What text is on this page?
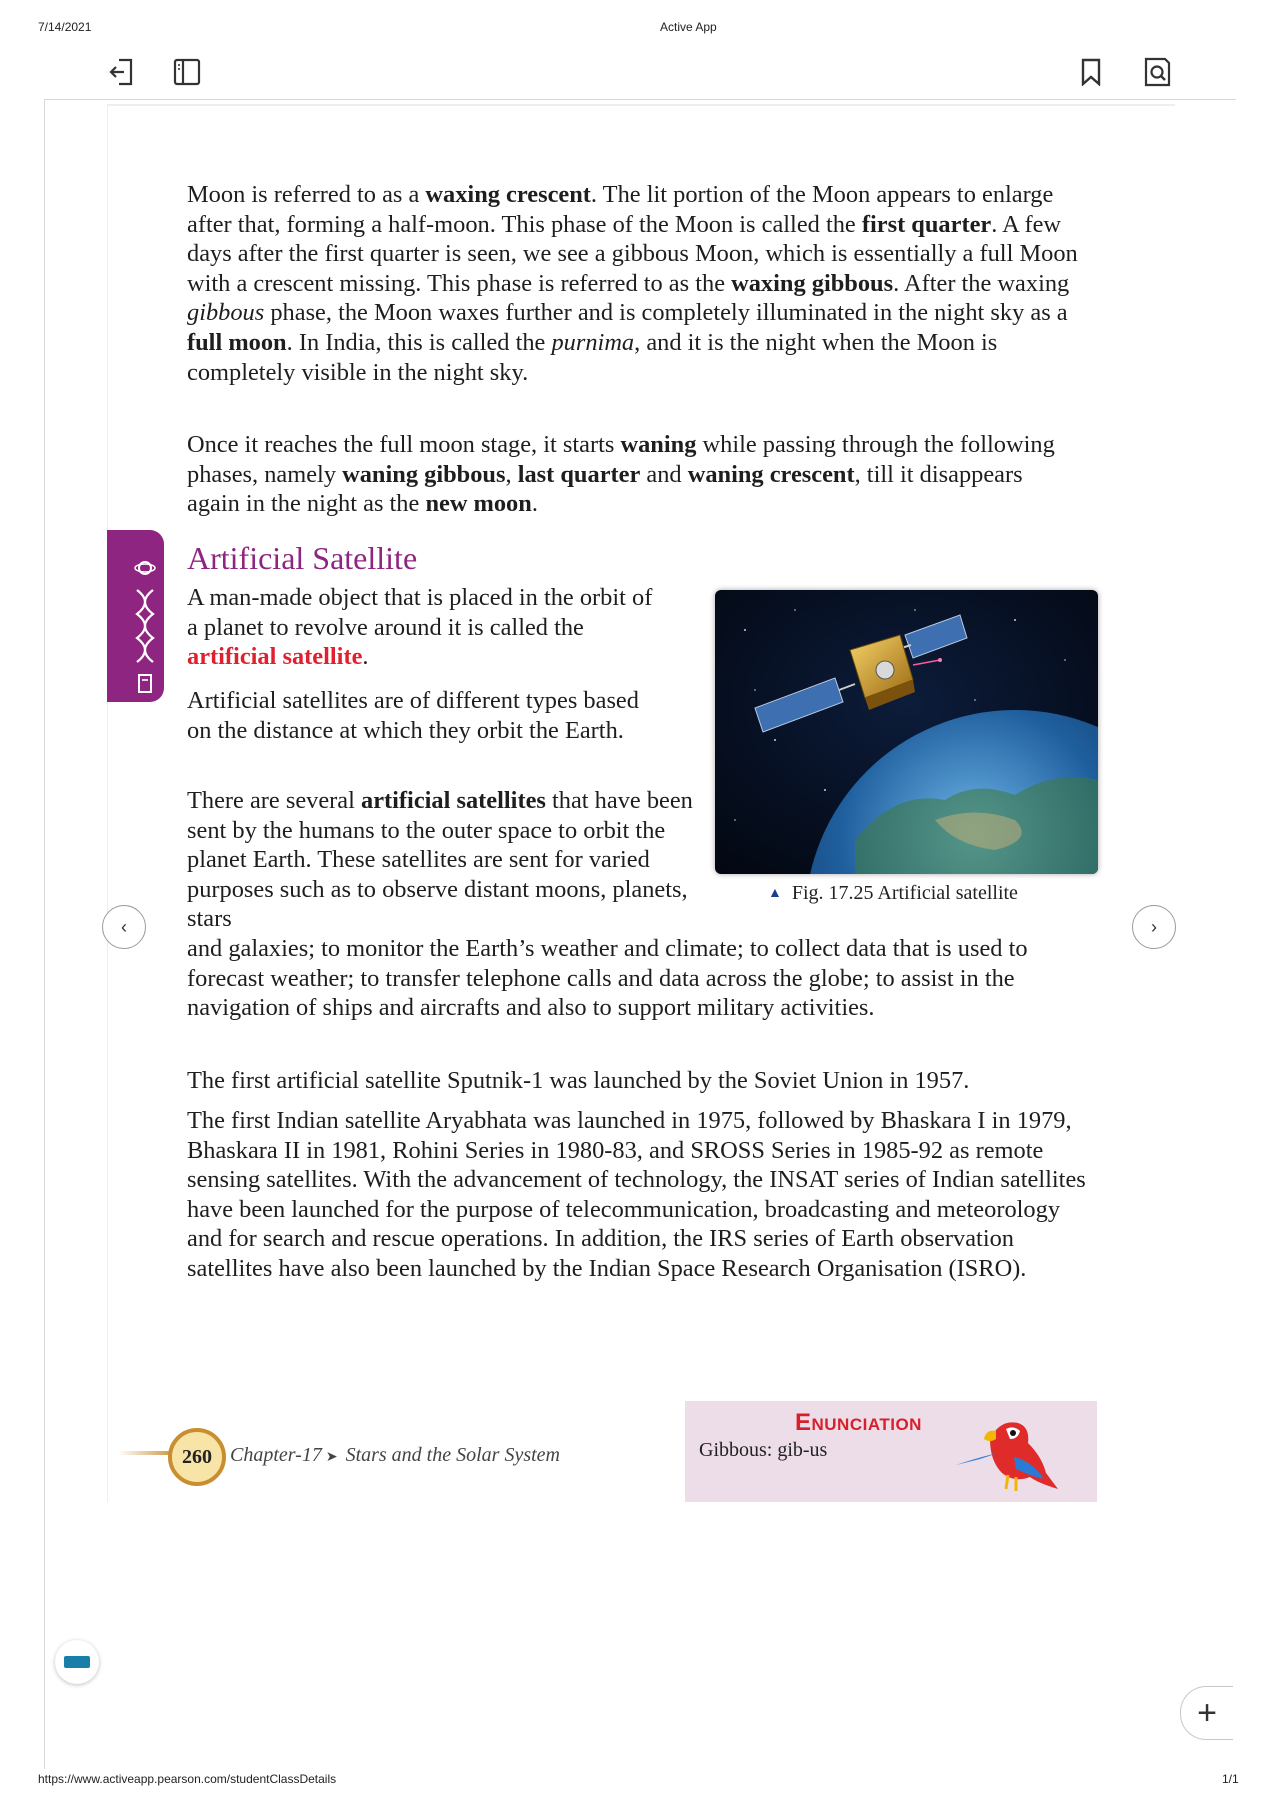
7/14/2021	Active App

Moon is referred to as a waxing crescent. The lit portion of the Moon appears to enlarge after that, forming a half-moon. This phase of the Moon is called the first quarter. A few days after the first quarter is seen, we see a gibbous Moon, which is essentially a full Moon with a crescent missing. This phase is referred to as the waxing gibbous. After the waxing gibbous phase, the Moon waxes further and is completely illuminated in the night sky as a full moon. In India, this is called the purnima, and it is the night when the Moon is completely visible in the night sky.

Once it reaches the full moon stage, it starts waning while passing through the following phases, namely waning gibbous, last quarter and waning crescent, till it disappears again in the night as the new moon.

Artificial Satellite

A man-made object that is placed in the orbit of a planet to revolve around it is called the artificial satellite.

Artificial satellites are of different types based on the distance at which they orbit the Earth.

There are several artificial satellites that have been sent by the humans to the outer space to orbit the planet Earth. These satellites are sent for varied purposes such as to observe distant moons, planets, stars

and galaxies; to monitor the Earth’s weather and climate; to collect data that is used to forecast weather; to transfer telephone calls and data across the globe; to assist in the navigation of ships and aircrafts and also to support military activities.

The first artificial satellite Sputnik-1 was launched by the Soviet Union in 1957.

The first Indian satellite Aryabhata was launched in 1975, followed by Bhaskara I in 1979, Bhaskara II in 1981, Rohini Series in 1980-83, and SROSS Series in 1985-92 as remote sensing satellites. With the advancement of technology, the INSAT series of Indian satellites have been launched for the purpose of telecommunication, broadcasting and meteorology and for search and rescue operations. In addition, the IRS series of Earth observation satellites have also been launched by the Indian Space Research Organisation (ISRO).

▲ Fig. 17.25 Artificial satellite
‹	›
260 Chapter-17 ➤ Stars and the Solar System
Enunciation
Gibbous: gib-us
+
https://www.activeapp.pearson.com/studentClassDetails	1/1
